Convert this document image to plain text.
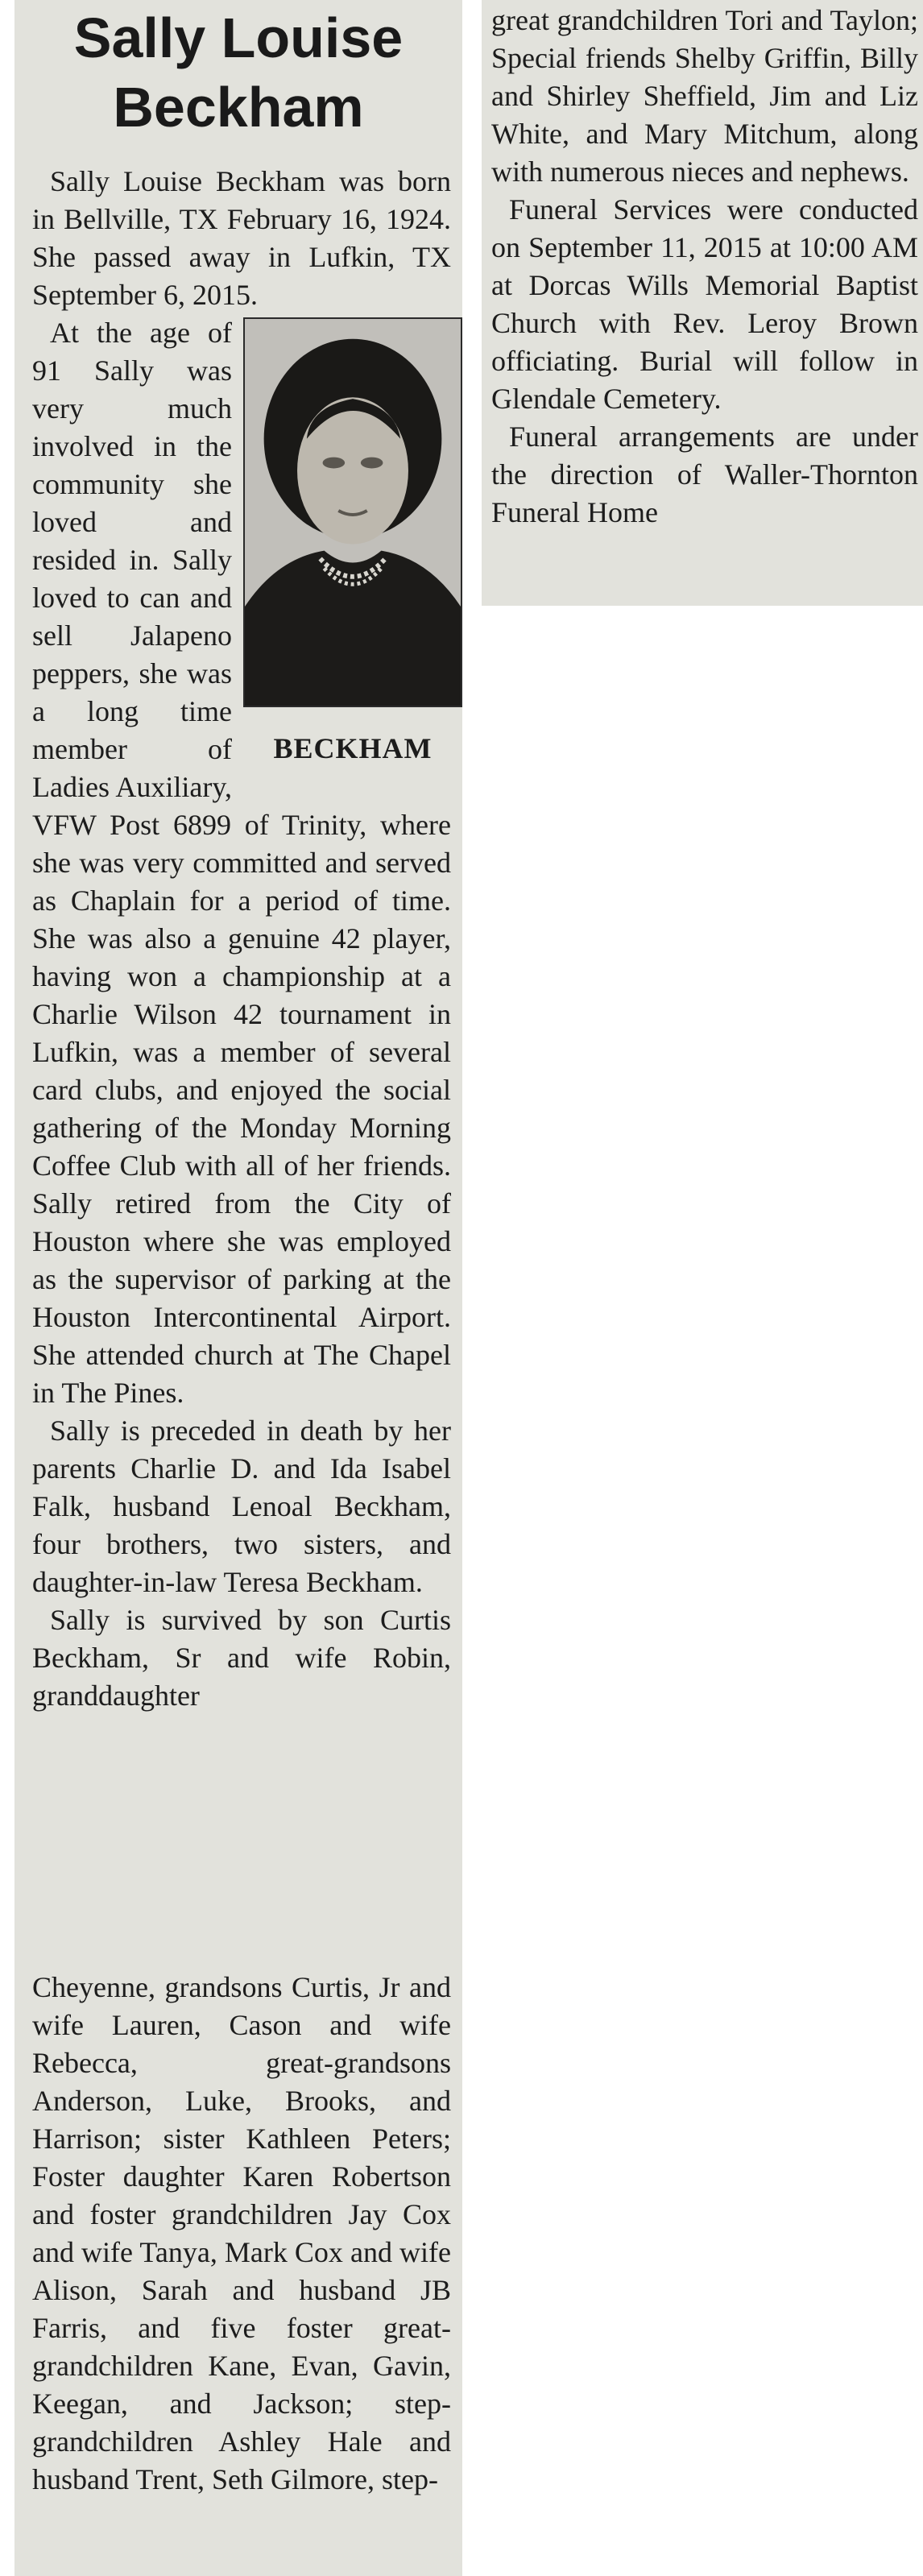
Sally Louise Beckham

Sally Louise Beckham was born in Bellville, TX February 16, 1924. She passed away in Lufkin, TX September 6, 2015.

BECKHAM

At the age of 91 Sally was very much involved in the community she loved and resided in. Sally loved to can and sell Jalapeno peppers, she was a long time member of Ladies Auxiliary, VFW Post 6899 of Trinity, where she was very committed and served as Chaplain for a period of time. She was also a genuine 42 player, having won a championship at a Charlie Wilson 42 tournament in Lufkin, was a member of several card clubs, and enjoyed the social gathering of the Monday Morning Coffee Club with all of her friends. Sally retired from the City of Houston where she was employed as the supervisor of parking at the Houston Intercontinental Airport. She attended church at The Chapel in The Pines.

Sally is preceded in death by her parents Charlie D. and Ida Isabel Falk, husband Lenoal Beckham, four brothers, two sisters, and daughter-in-law Teresa Beckham.

Sally is survived by son Curtis Beckham, Sr and wife Robin, granddaughter

Cheyenne, grandsons Curtis, Jr and wife Lauren, Cason and wife Rebecca, great-grandsons Anderson, Luke, Brooks, and Harrison; sister Kathleen Peters; Foster daughter Karen Robertson and foster grandchildren Jay Cox and wife Tanya, Mark Cox and wife Alison, Sarah and husband JB Farris, and five foster great-grandchildren Kane, Evan, Gavin, Keegan, and Jackson; step-grandchildren Ashley Hale and husband Trent, Seth Gilmore, step-

great grandchildren Tori and Taylon; Special friends Shelby Griffin, Billy and Shirley Sheffield, Jim and Liz White, and Mary Mitchum, along with numerous nieces and nephews.

Funeral Services were conducted on September 11, 2015 at 10:00 AM at Dorcas Wills Memorial Baptist Church with Rev. Leroy Brown officiating. Burial will follow in Glendale Cemetery.

Funeral arrangements are under the direction of Waller-Thornton Funeral Home
